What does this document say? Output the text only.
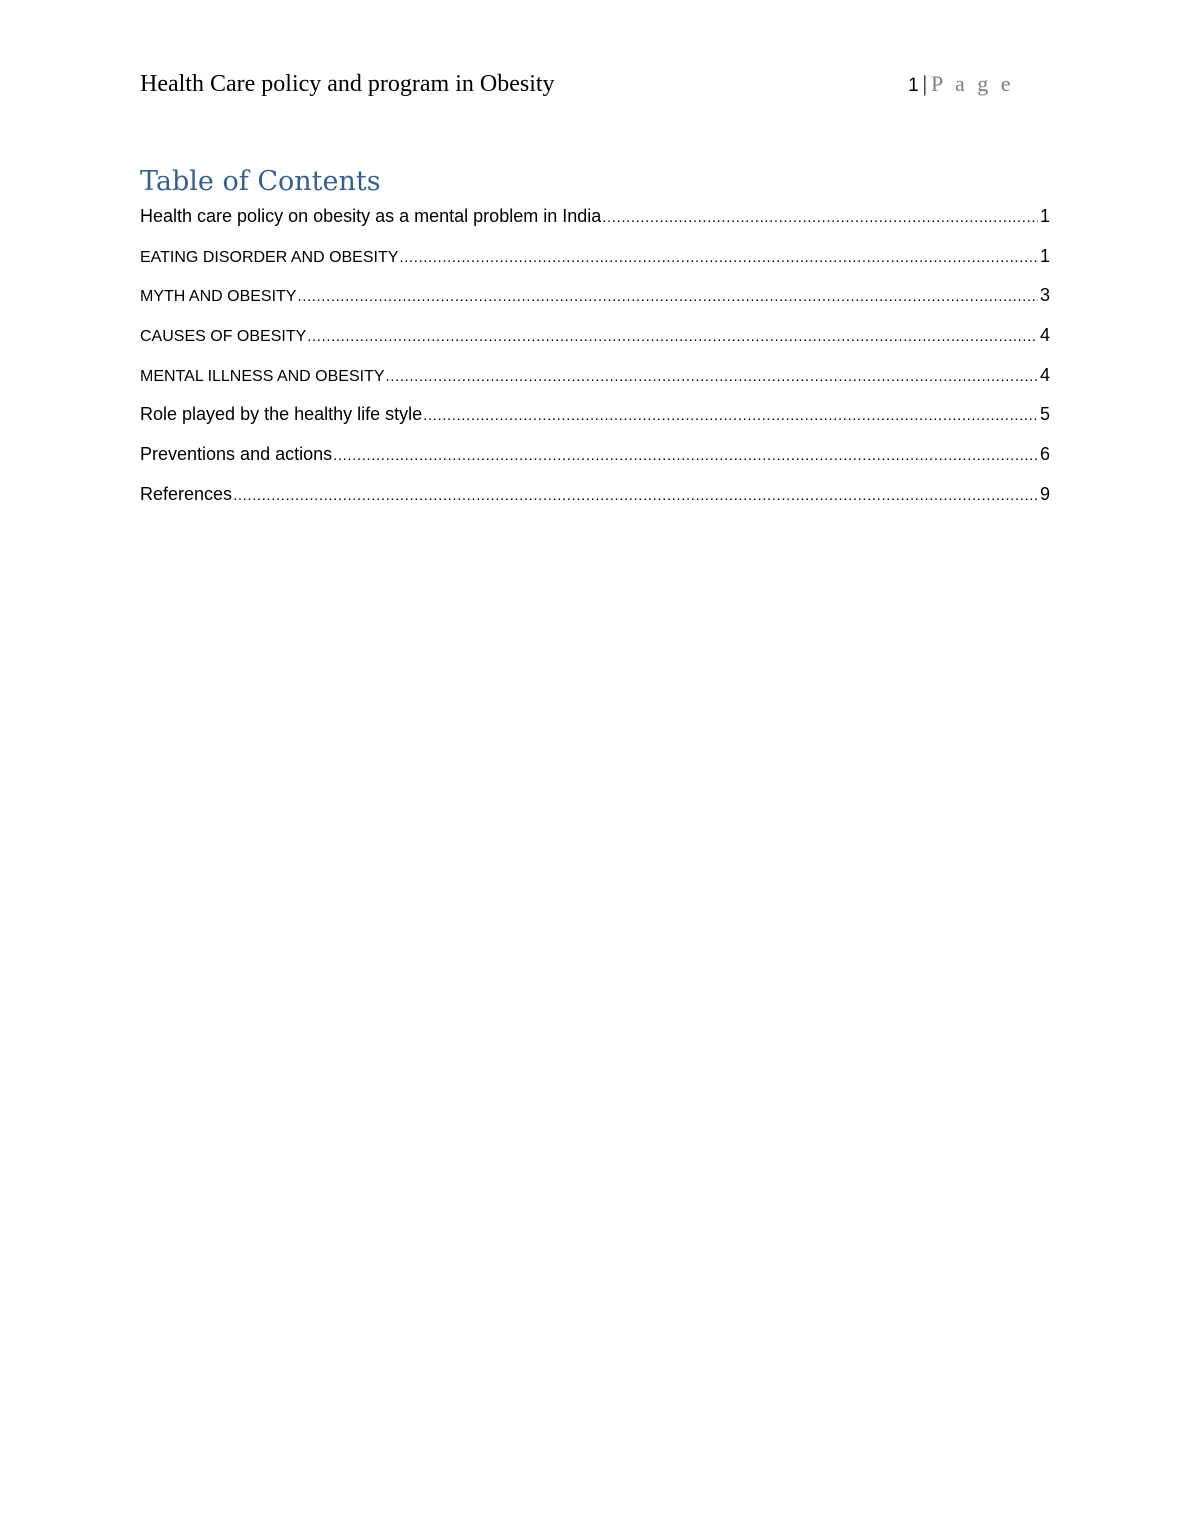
Health Care policy and program in Obesity	1 | P a g e
Table of Contents
Health care policy on obesity as a mental problem in India .....	1
EATING DISORDER AND OBESITY .....	1
MYTH AND OBESITY .....	3
CAUSES OF OBESITY .....	4
MENTAL ILLNESS AND OBESITY .....	4
Role played by the healthy life style .....	5
Preventions and actions .....	6
References .....	9
